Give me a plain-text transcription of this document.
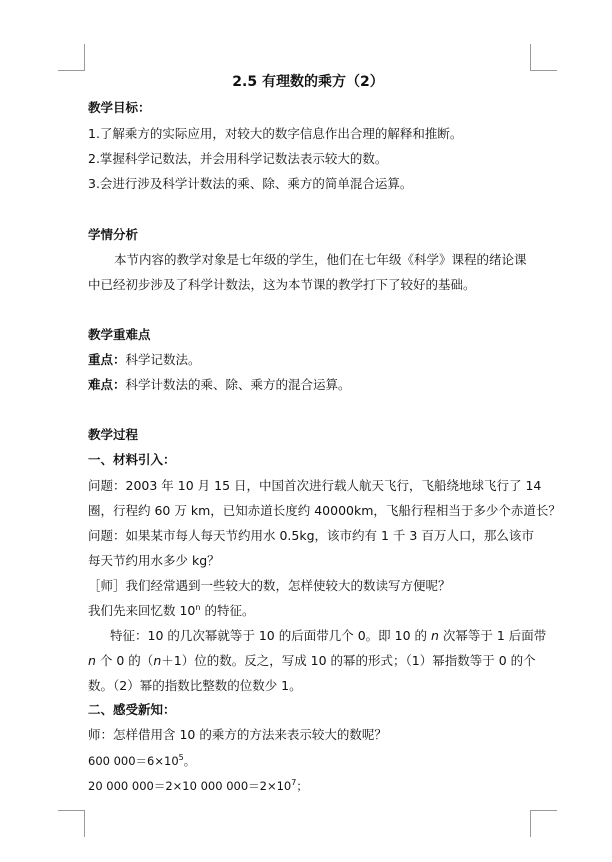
2.5 有理数的乘方（2）
教学目标：
1.了解乘方的实际应用，对较大的数字信息作出合理的解释和推断。
2.掌握科学记数法，并会用科学记数法表示较大的数。
3.会进行涉及科学计数法的乘、除、乘方的简单混合运算。
学情分析
本节内容的教学对象是七年级的学生，他们在七年级《科学》课程的绪论课
中已经初步涉及了科学计数法，这为本节课的教学打下了较好的基础。
教学重难点
重点：科学记数法。
难点：科学计数法的乘、除、乘方的混合运算。
教学过程
一、材料引入：
问题：2003 年 10 月 15 日，中国首次进行载人航天飞行，飞船绕地球飞行了 14
圈，行程约 60 万 km，已知赤道长度约 40000km，飞船行程相当于多少个赤道长？
问题：如果某市每人每天节约用水 0.5kg，该市约有 1 千 3 百万人口，那么该市
每天节约用水多少 kg？
［师］我们经常遇到一些较大的数，怎样使较大的数读写方便呢？
我们先来回忆数 10$^n$ 的特征。
特征：10 的几次幂就等于 10 的后面带几个 0。即 10 的 n 次幂等于 1 后面带
n 个 0 的（n＋1）位的数。反之，写成 10 的幂的形式；（1）幂指数等于 0 的个
数。（2）幂的指数比整数的位数少 1。
二、感受新知：
师：怎样借用含 10 的乘方的方法来表示较大的数呢？
600 $000=6\times 10^5$。
20 000 000＝2×10 000 $000=2\times 10^7$；
